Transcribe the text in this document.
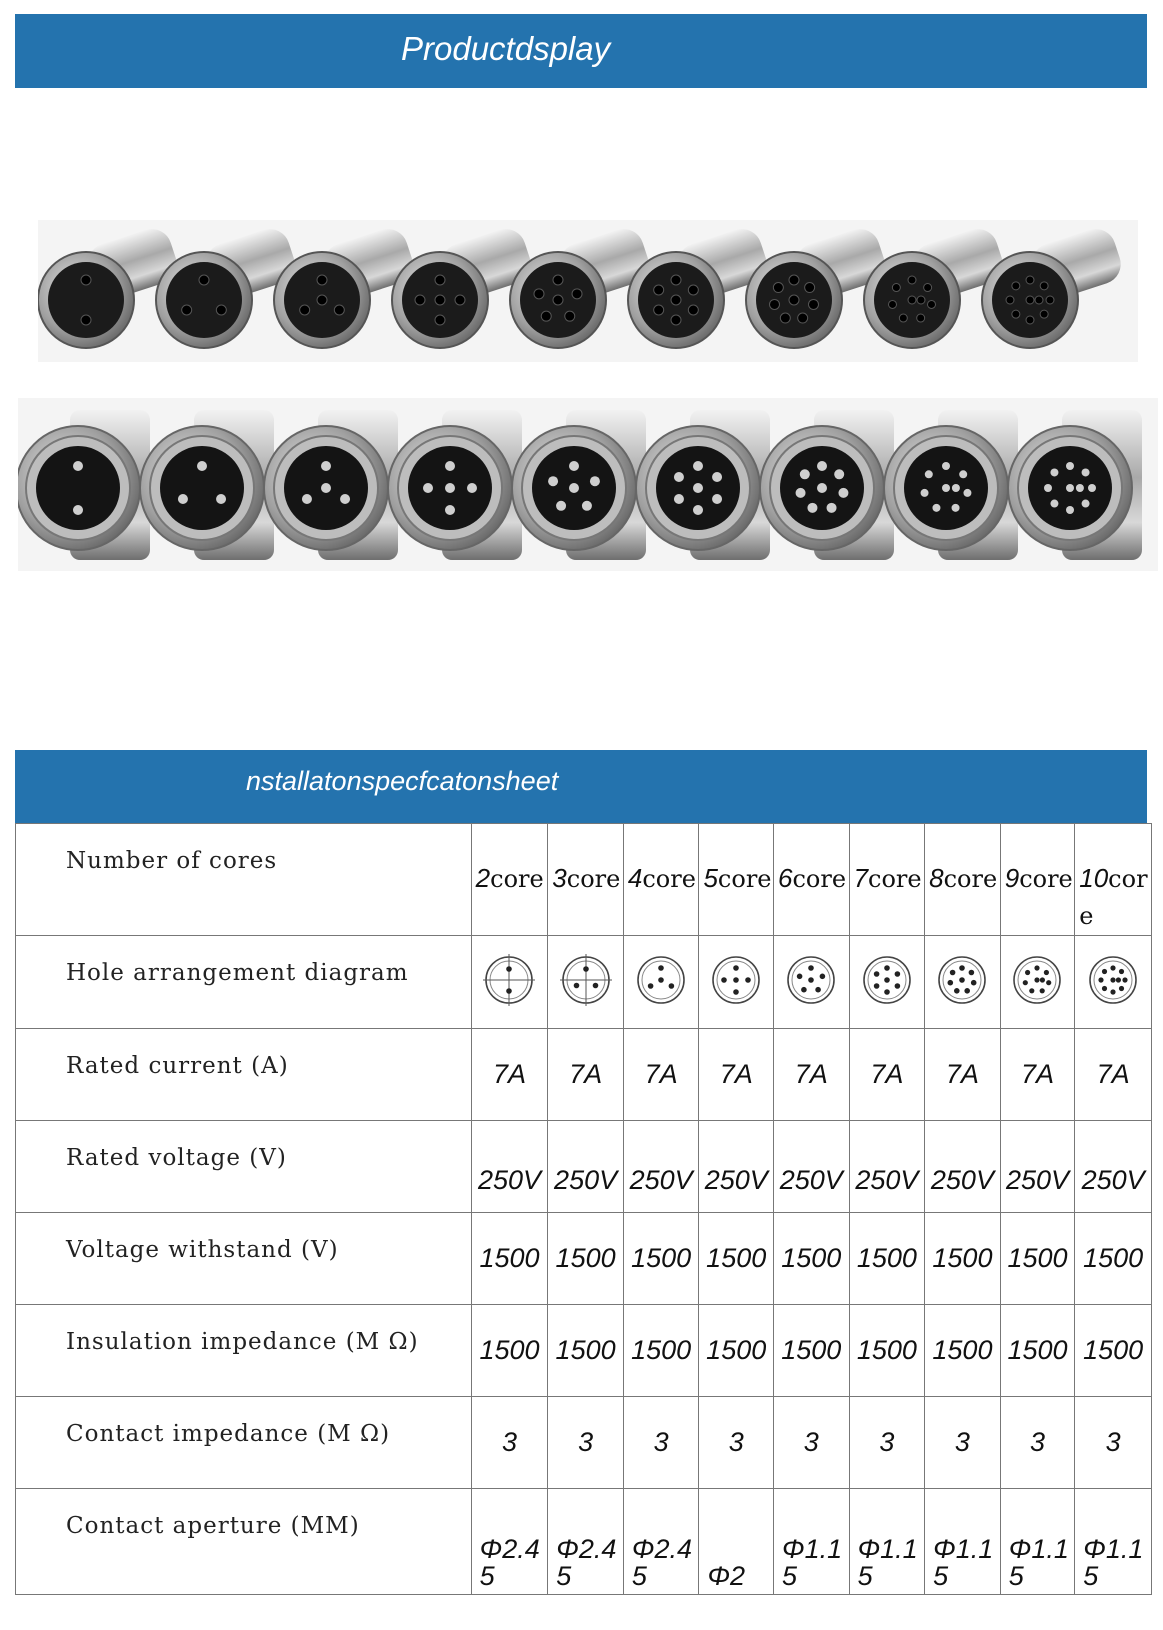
Productdsplay
nstallatonspecfcatonsheet
Number of cores	2core	3core	4core	5core	6core	7core	8core	9core	10core
Hole arrangement diagram									
Rated current (A)	7A	7A	7A	7A	7A	7A	7A	7A	7A
Rated voltage (V)	250V	250V	250V	250V	250V	250V	250V	250V	250V
Voltage withstand (V)	1500	1500	1500	1500	1500	1500	1500	1500	1500
Insulation impedance (M Ω)	1500	1500	1500	1500	1500	1500	1500	1500	1500
Contact impedance (M Ω)	3	3	3	3	3	3	3	3	3
Contact aperture (MM)	Φ2.45	Φ2.45	Φ2.45	Φ2	Φ1.15	Φ1.15	Φ1.15	Φ1.15	Φ1.15
